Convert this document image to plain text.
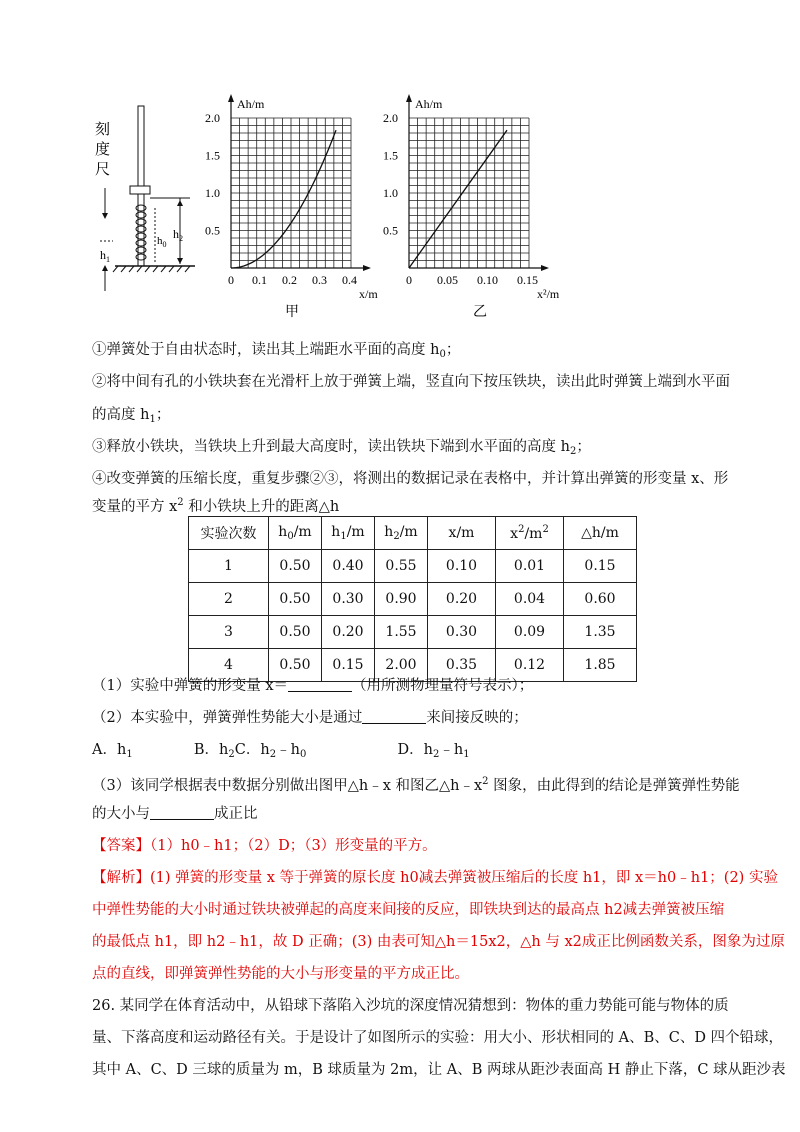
刻
度
尺
$h_1$
$h_0$
$h_2$
0.5
1.0
1.5
2.0
0 0.1 0.2 0.3 0.4
Ah/m
x/m
甲
0.5
1.0
1.5
2.0
0 0.05 0.10 0.15
Ah/m
x²/m
乙
①弹簧处于自由状态时，读出其上端距水平面的高度 $h_0$；
②将中间有孔的小铁块套在光滑杆上放于弹簧上端，竖直向下按压铁块，读出此时弹簧上端到水平面
的高度 $h_1$；
③释放小铁块，当铁块上升到最大高度时，读出铁块下端到水平面的高度 $h_2$；
④改变弹簧的压缩长度，重复步骤②③，将测出的数据记录在表格中，并计算出弹簧的形变量 x、形
变量的平方 $x^2$ 和小铁块上升的距离△h
实验次数	$h_0/m$	$h_1/m$	$h_2/m$	x/m	$x^2/m^2$	△h/m
1	0.50	0.40	0.55	0.10	0.01	0.15
2	0.50	0.30	0.90	0.20	0.04	0.60
3	0.50	0.20	1.55	0.30	0.09	1.35
4	0.50	0.15	2.00	0.35	0.12	1.85
（1）实验中弹簧的形变量 x＝	（用所测物理量符号表示）；
（2）本实验中，弹簧弹性势能大小是通过	来间接反映的；
A．$h_1$	B．$h_2C$．$h_2﹣h_0$	D．$h_2﹣h_1$
（3）该同学根据表中数据分别做出图甲△h﹣x 和图乙$\triangle h﹣x^2$ 图象，由此得到的结论是弹簧弹性势能
的大小与	成正比
【答案】（1）h0﹣h1；（2）D；（3）形变量的平方。
【解析】(1) 弹簧的形变量 x 等于弹簧的原长度 h0减去弹簧被压缩后的长度 h1，即 x＝h0﹣h1；(2) 实验
中弹性势能的大小时通过铁块被弹起的高度来间接的反应，即铁块到达的最高点 h2减去弹簧被压缩
的最低点 h1，即 h2﹣h1，故 D 正确；(3) 由表可知△h＝15x2，△h 与 x2成正比例函数关系，图象为过原
点的直线，即弹簧弹性势能的大小与形变量的平方成正比。
26. 某同学在体育活动中，从铅球下落陷入沙坑的深度情况猜想到：物体的重力势能可能与物体的质
量、下落高度和运动路径有关。于是设计了如图所示的实验：用大小、形状相同的 A、B、C、D 四个铅球，
其中 A、C、D 三球的质量为 m，B 球质量为 2m，让 A、B 两球从距沙表面高 H 静止下落，C 球从距沙表
